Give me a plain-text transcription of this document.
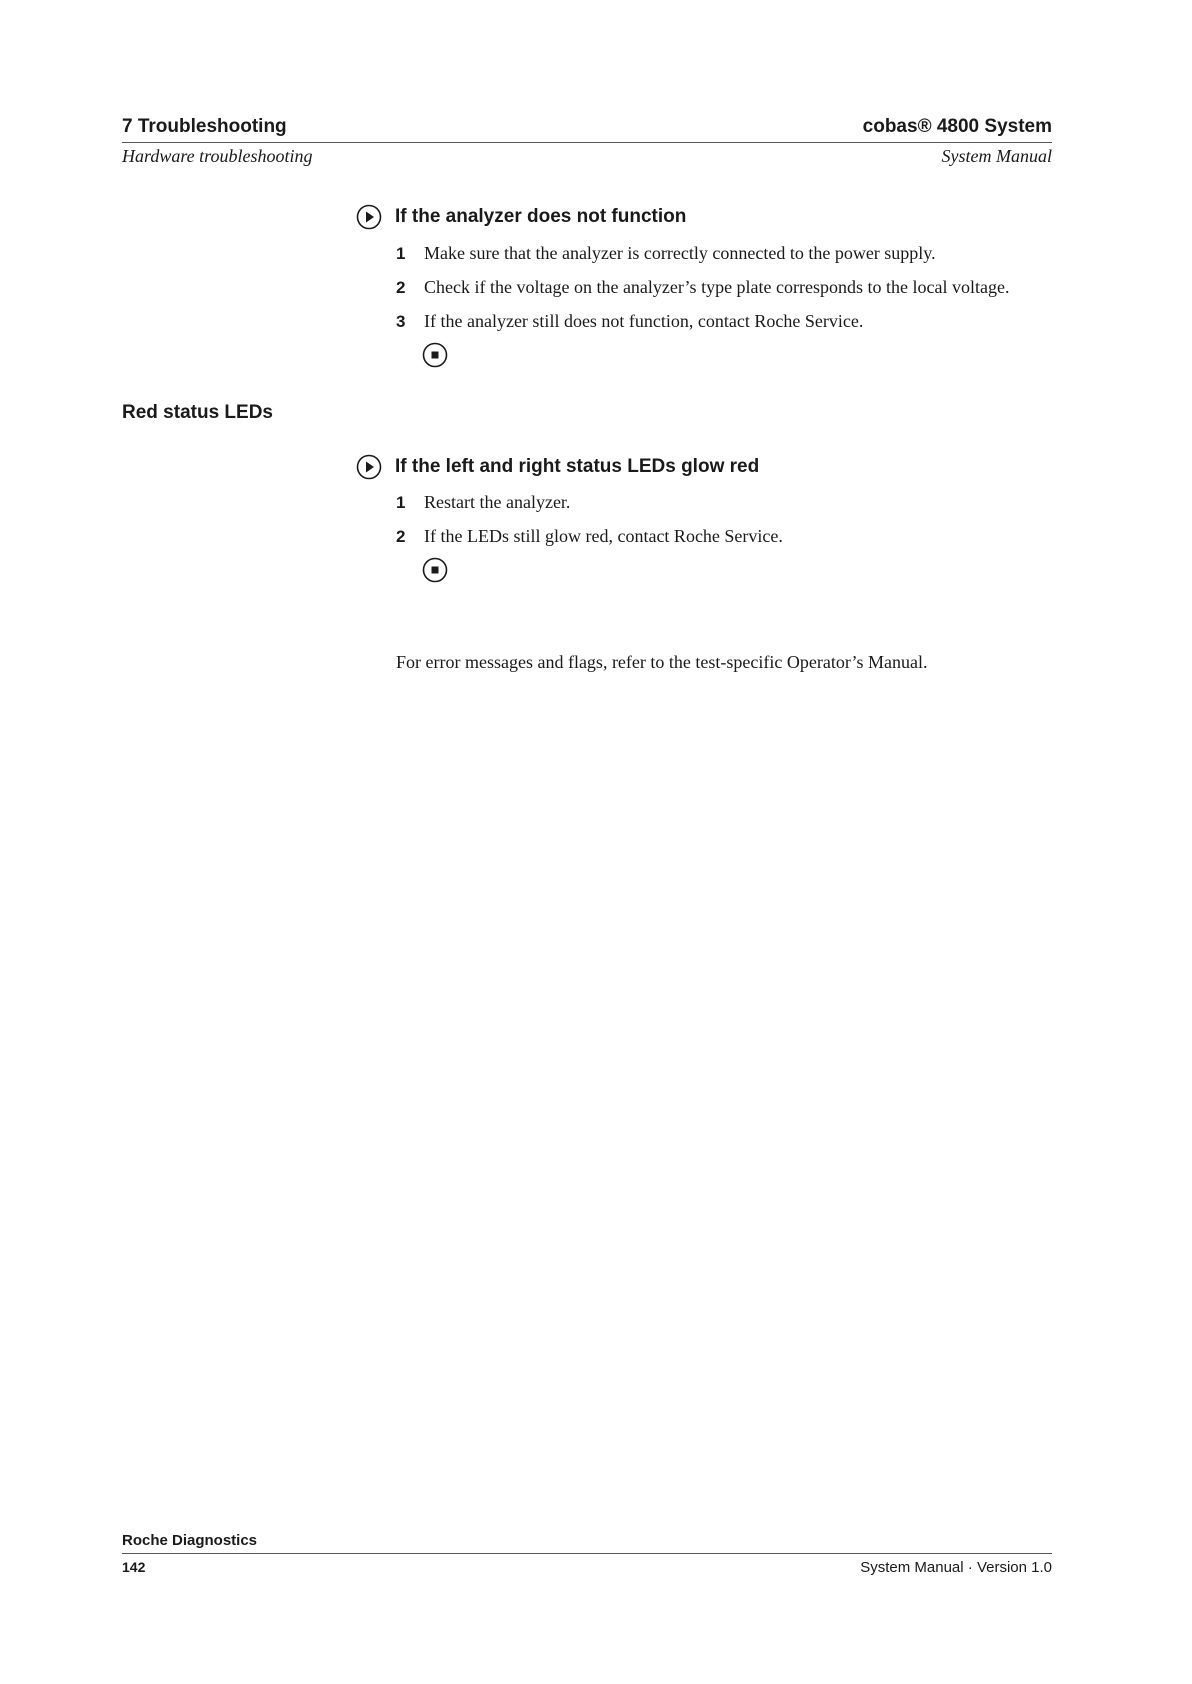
7 Troubleshooting	cobas® 4800 System
Hardware troubleshooting	System Manual
If the analyzer does not function
1	Make sure that the analyzer is correctly connected to the power supply.
2	Check if the voltage on the analyzer’s type plate corresponds to the local voltage.
3	If the analyzer still does not function, contact Roche Service.
Red status LEDs
If the left and right status LEDs glow red
1	Restart the analyzer.
2	If the LEDs still glow red, contact Roche Service.
For error messages and flags, refer to the test-specific Operator’s Manual.
Roche Diagnostics
142	System Manual · Version 1.0
